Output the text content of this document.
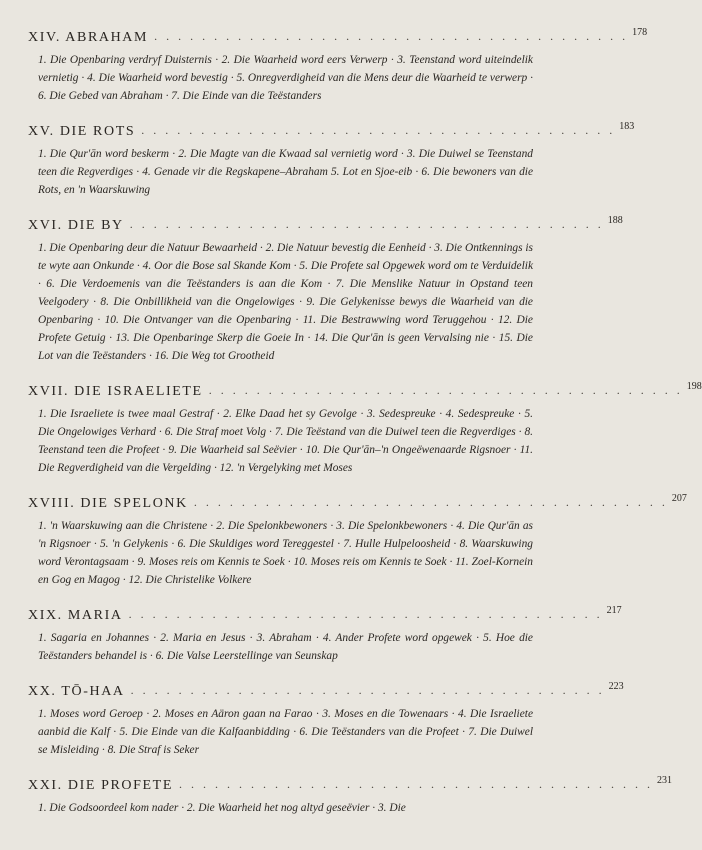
XIV. ABRAHAM . . . . . . . . . . . . . . . . . . . . . . . . . . . . . . . . . . . . . . . . 178

1. Die Openbaring verdryf Duisternis · 2. Die Waarheid word eers Verwerp · 3. Teenstand word uiteindelik vernietig · 4. Die Waarheid word bevestig · 5. Onregverdigheid van die Mens deur die Waarheid te verwerp · 6. Die Gebed van Abraham · 7. Die Einde van die Teëstanders

XV. DIE ROTS . . . . . . . . . . . . . . . . . . . . . . . . . . . . . . . . . . . . . . . . 183

1. Die Qur'ān word beskerm · 2. Die Magte van die Kwaad sal vernietig word · 3. Die Duiwel se Teenstand teen die Regverdiges · 4. Genade vir die Regskapene–Abraham 5. Lot en Sjoe-eib · 6. Die bewoners van die Rots, en 'n Waarskuwing

XVI. DIE BY . . . . . . . . . . . . . . . . . . . . . . . . . . . . . . . . . . . . . . . . 188

1. Die Openbaring deur die Natuur Bewaarheid · 2. Die Natuur bevestig die Eenheid · 3. Die Ontkennings is te wyte aan Onkunde · 4. Oor die Bose sal Skande Kom · 5. Die Profete sal Opgewek word om te Verduidelik · 6. Die Verdoemenis van die Teëstanders is aan die Kom · 7. Die Menslike Natuur in Opstand teen Veelgodery · 8. Die Onbillikheid van die Ongelowiges · 9. Die Gelykenisse bewys die Waarheid van die Openbaring · 10. Die Ontvanger van die Openbaring · 11. Die Bestrawwing word Teruggehou · 12. Die Profete Getuig · 13. Die Openbaringe Skerp die Goeie In · 14. Die Qur'ān is geen Vervalsing nie · 15. Die Lot van die Teëstanders · 16. Die Weg tot Grootheid

XVII. DIE ISRAELIETE . . . . . . . . . . . . . . . . . . . . . . . . . . . . . . . . . . . . . . . . 198

1. Die Israeliete is twee maal Gestraf · 2. Elke Daad het sy Gevolge · 3. Sedespreuke · 4. Sedespreuke · 5. Die Ongelowiges Verhard · 6. Die Straf moet Volg · 7. Die Teëstand van die Duiwel teen die Regverdiges · 8. Teenstand teen die Profeet · 9. Die Waarheid sal Seëvier · 10. Die Qur'ān–'n Ongeëwenaarde Rigsnoer · 11. Die Regverdigheid van die Vergelding · 12. 'n Vergelyking met Moses

XVIII. DIE SPELONK . . . . . . . . . . . . . . . . . . . . . . . . . . . . . . . . . . . . . . . . 207

1. 'n Waarskuwing aan die Christene · 2. Die Spelonkbewoners · 3. Die Spelonkbewoners · 4. Die Qur'ān as 'n Rigsnoer · 5. 'n Gelykenis · 6. Die Skuldiges word Tereggestel · 7. Hulle Hulpeloosheid · 8. Waarskuwing word Verontagsaam · 9. Moses reis om Kennis te Soek · 10. Moses reis om Kennis te Soek · 11. Zoel-Kornein en Gog en Magog · 12. Die Christelike Volkere

XIX. MARIA . . . . . . . . . . . . . . . . . . . . . . . . . . . . . . . . . . . . . . . . 217

1. Sagaria en Johannes · 2. Maria en Jesus · 3. Abraham · 4. Ander Profete word opgewek · 5. Hoe die Teëstanders behandel is · 6. Die Valse Leerstellinge van Seunskap

XX. TŌ-HAA . . . . . . . . . . . . . . . . . . . . . . . . . . . . . . . . . . . . . . . . 223

1. Moses word Geroep · 2. Moses en Aäron gaan na Farao · 3. Moses en die Towenaars · 4. Die Israeliete aanbid die Kalf · 5. Die Einde van die Kalfaanbidding · 6. Die Teëstanders van die Profeet · 7. Die Duiwel se Misleiding · 8. Die Straf is Seker

XXI. DIE PROFETE . . . . . . . . . . . . . . . . . . . . . . . . . . . . . . . . . . . . . . . . 231

1. Die Godsoordeel kom nader · 2. Die Waarheid het nog altyd geseëvier · 3. Die
